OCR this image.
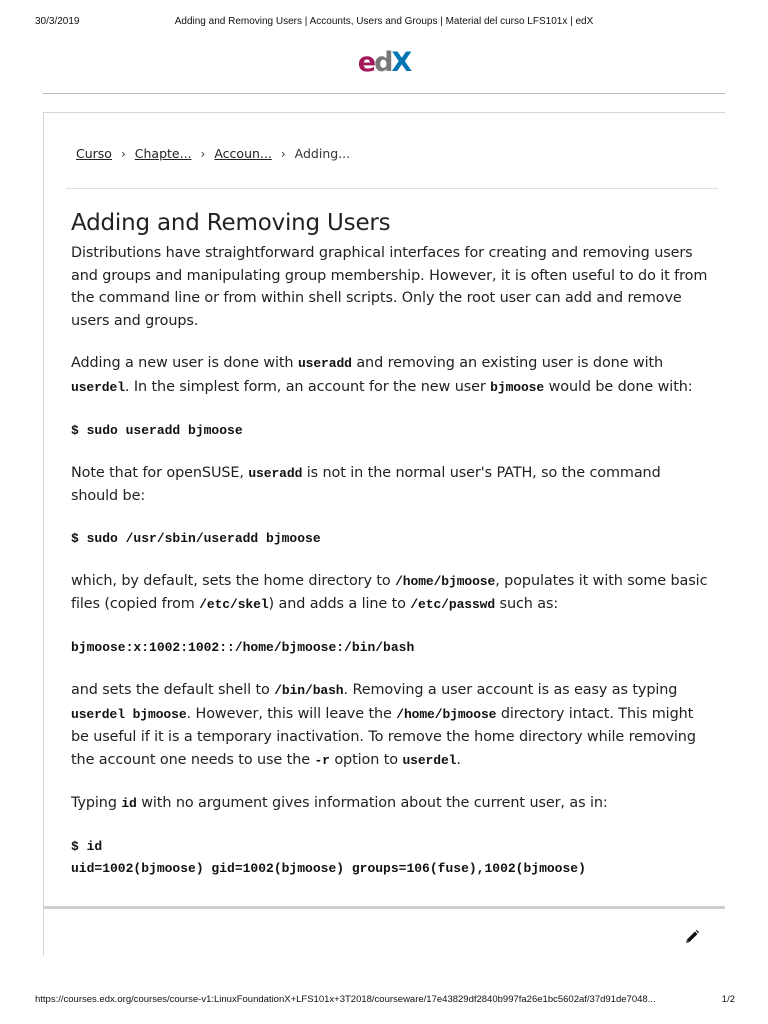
30/3/2019	Adding and Removing Users | Accounts, Users and Groups | Material del curso LFS101x | edX
edX
Curso › Chapte... › Accoun... › Adding...
Adding and Removing Users

Distributions have straightforward graphical interfaces for creating and removing users and groups and manipulating group membership. However, it is often useful to do it from the command line or from within shell scripts. Only the root user can add and remove users and groups.

Adding a new user is done with useradd and removing an existing user is done with userdel. In the simplest form, an account for the new user bjmoose would be done with:

$ sudo useradd bjmoose

Note that for openSUSE, useradd is not in the normal user's PATH, so the command should be:

$ sudo /usr/sbin/useradd bjmoose

which, by default, sets the home directory to /home/bjmoose, populates it with some basic files (copied from /etc/skel) and adds a line to /etc/passwd such as:

bjmoose:x:1002:1002::/home/bjmoose:/bin/bash

and sets the default shell to /bin/bash. Removing a user account is as easy as typing userdel bjmoose. However, this will leave the /home/bjmoose directory intact. This might be useful if it is a temporary inactivation. To remove the home directory while removing the account one needs to use the -r option to userdel.

Typing id with no argument gives information about the current user, as in:

$ id
uid=1002(bjmoose) gid=1002(bjmoose) groups=106(fuse),1002(bjmoose)
https://courses.edx.org/courses/course-v1:LinuxFoundationX+LFS101x+3T2018/courseware/17e43829df2840b997fa26e1bc5602af/37d91de7048...	1/2
